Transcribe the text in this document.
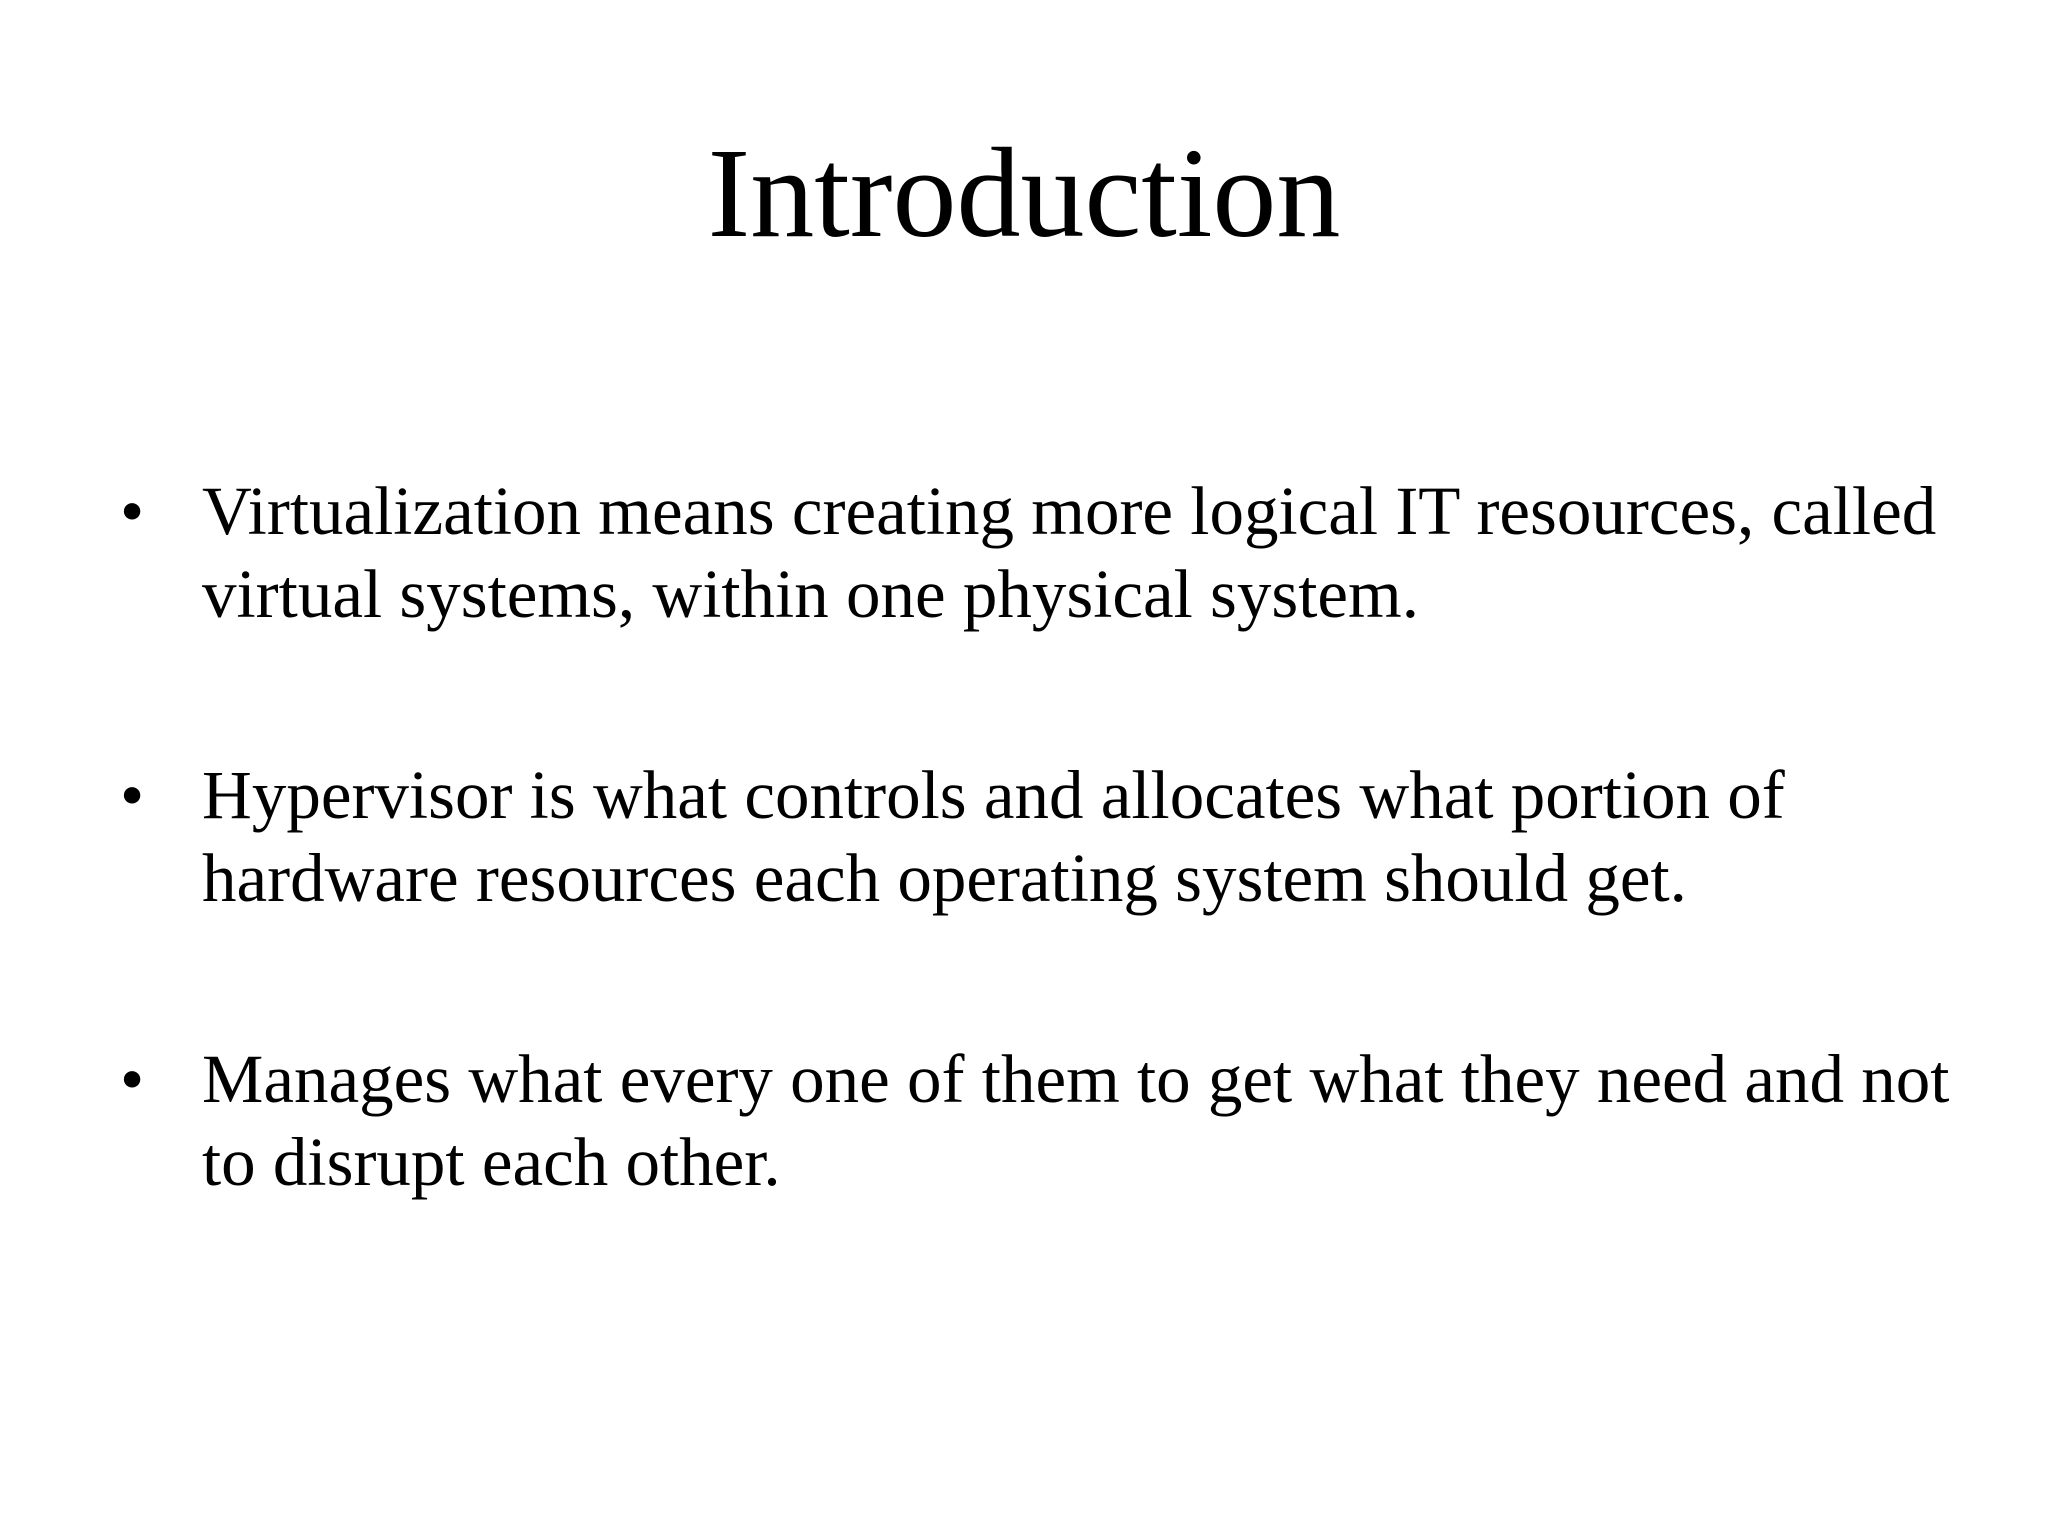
Introduction
• Virtualization means creating more logical IT resources, called virtual systems, within one physical system.
• Hypervisor is what controls and allocates what portion of hardware resources each operating system should get.
• Manages what every one of them to get what they need and not to disrupt each other.
